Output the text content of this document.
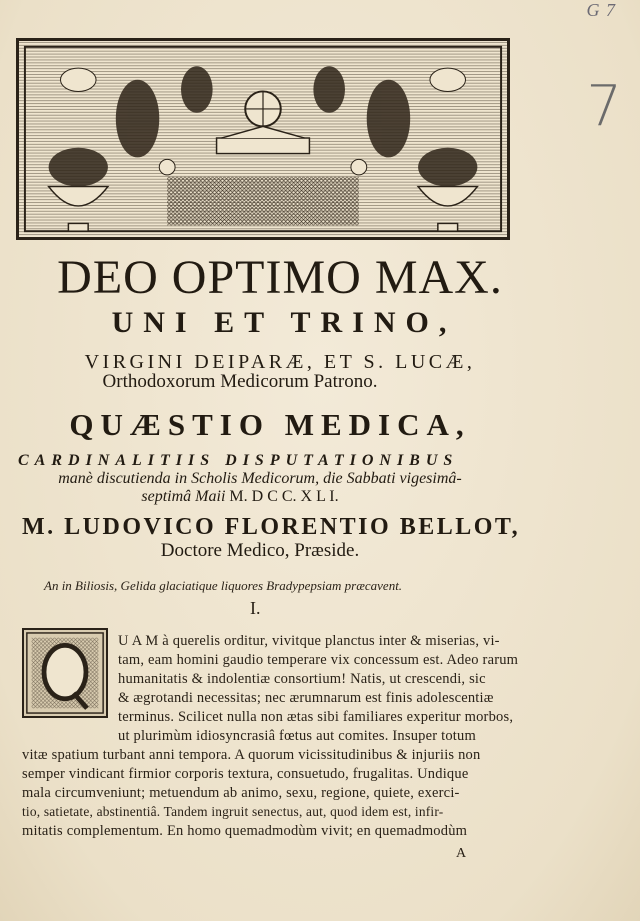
G 7
7
DEO OPTIMO MAX.
UNI ET TRINO,
VIRGINI DEIPARÆ, ET S. LUCÆ,
Orthodoxorum Medicorum Patrono.
QUÆSTIO MEDICA,
CARDINALITIIS DISPUTATIONIBUS
manè discutienda in Scholis Medicorum, die Sabbati vigesimâ-
septimâ Maii M. D C C. X L I.
M. LUDOVICO FLORENTIO BELLOT,
Doctore Medico, Præside.
An in Biliosis, Gelida glaciatique liquores Bradypepsiam præcavent.
I.
U A M à querelis orditur, vivitque planctus inter & miserias, vi-
tam, eam homini gaudio temperare vix concessum est. Adeo rarum
humanitatis & indolentiæ consortium! Natis, ut crescendi, sic
& ægrotandi necessitas; nec ærumnarum est finis adolescentiæ
terminus. Scilicet nulla non ætas sibi familiares experitur morbos,
ut plurimùm idiosyncrasiâ fœtus aut comites. Insuper totum
vitæ spatium turbant anni tempora. A quorum vicissitudinibus & injuriis non
semper vindicant firmior corporis textura, consuetudo, frugalitas. Undique
mala circumveniunt; metuendum ab animo, sexu, regione, quiete, exerci-
tio, satietate, abstinentiâ. Tandem ingruit senectus, aut, quod idem est, infir-
mitatis complementum. En homo quemadmodùm vivit; en quemadmodùm
A
